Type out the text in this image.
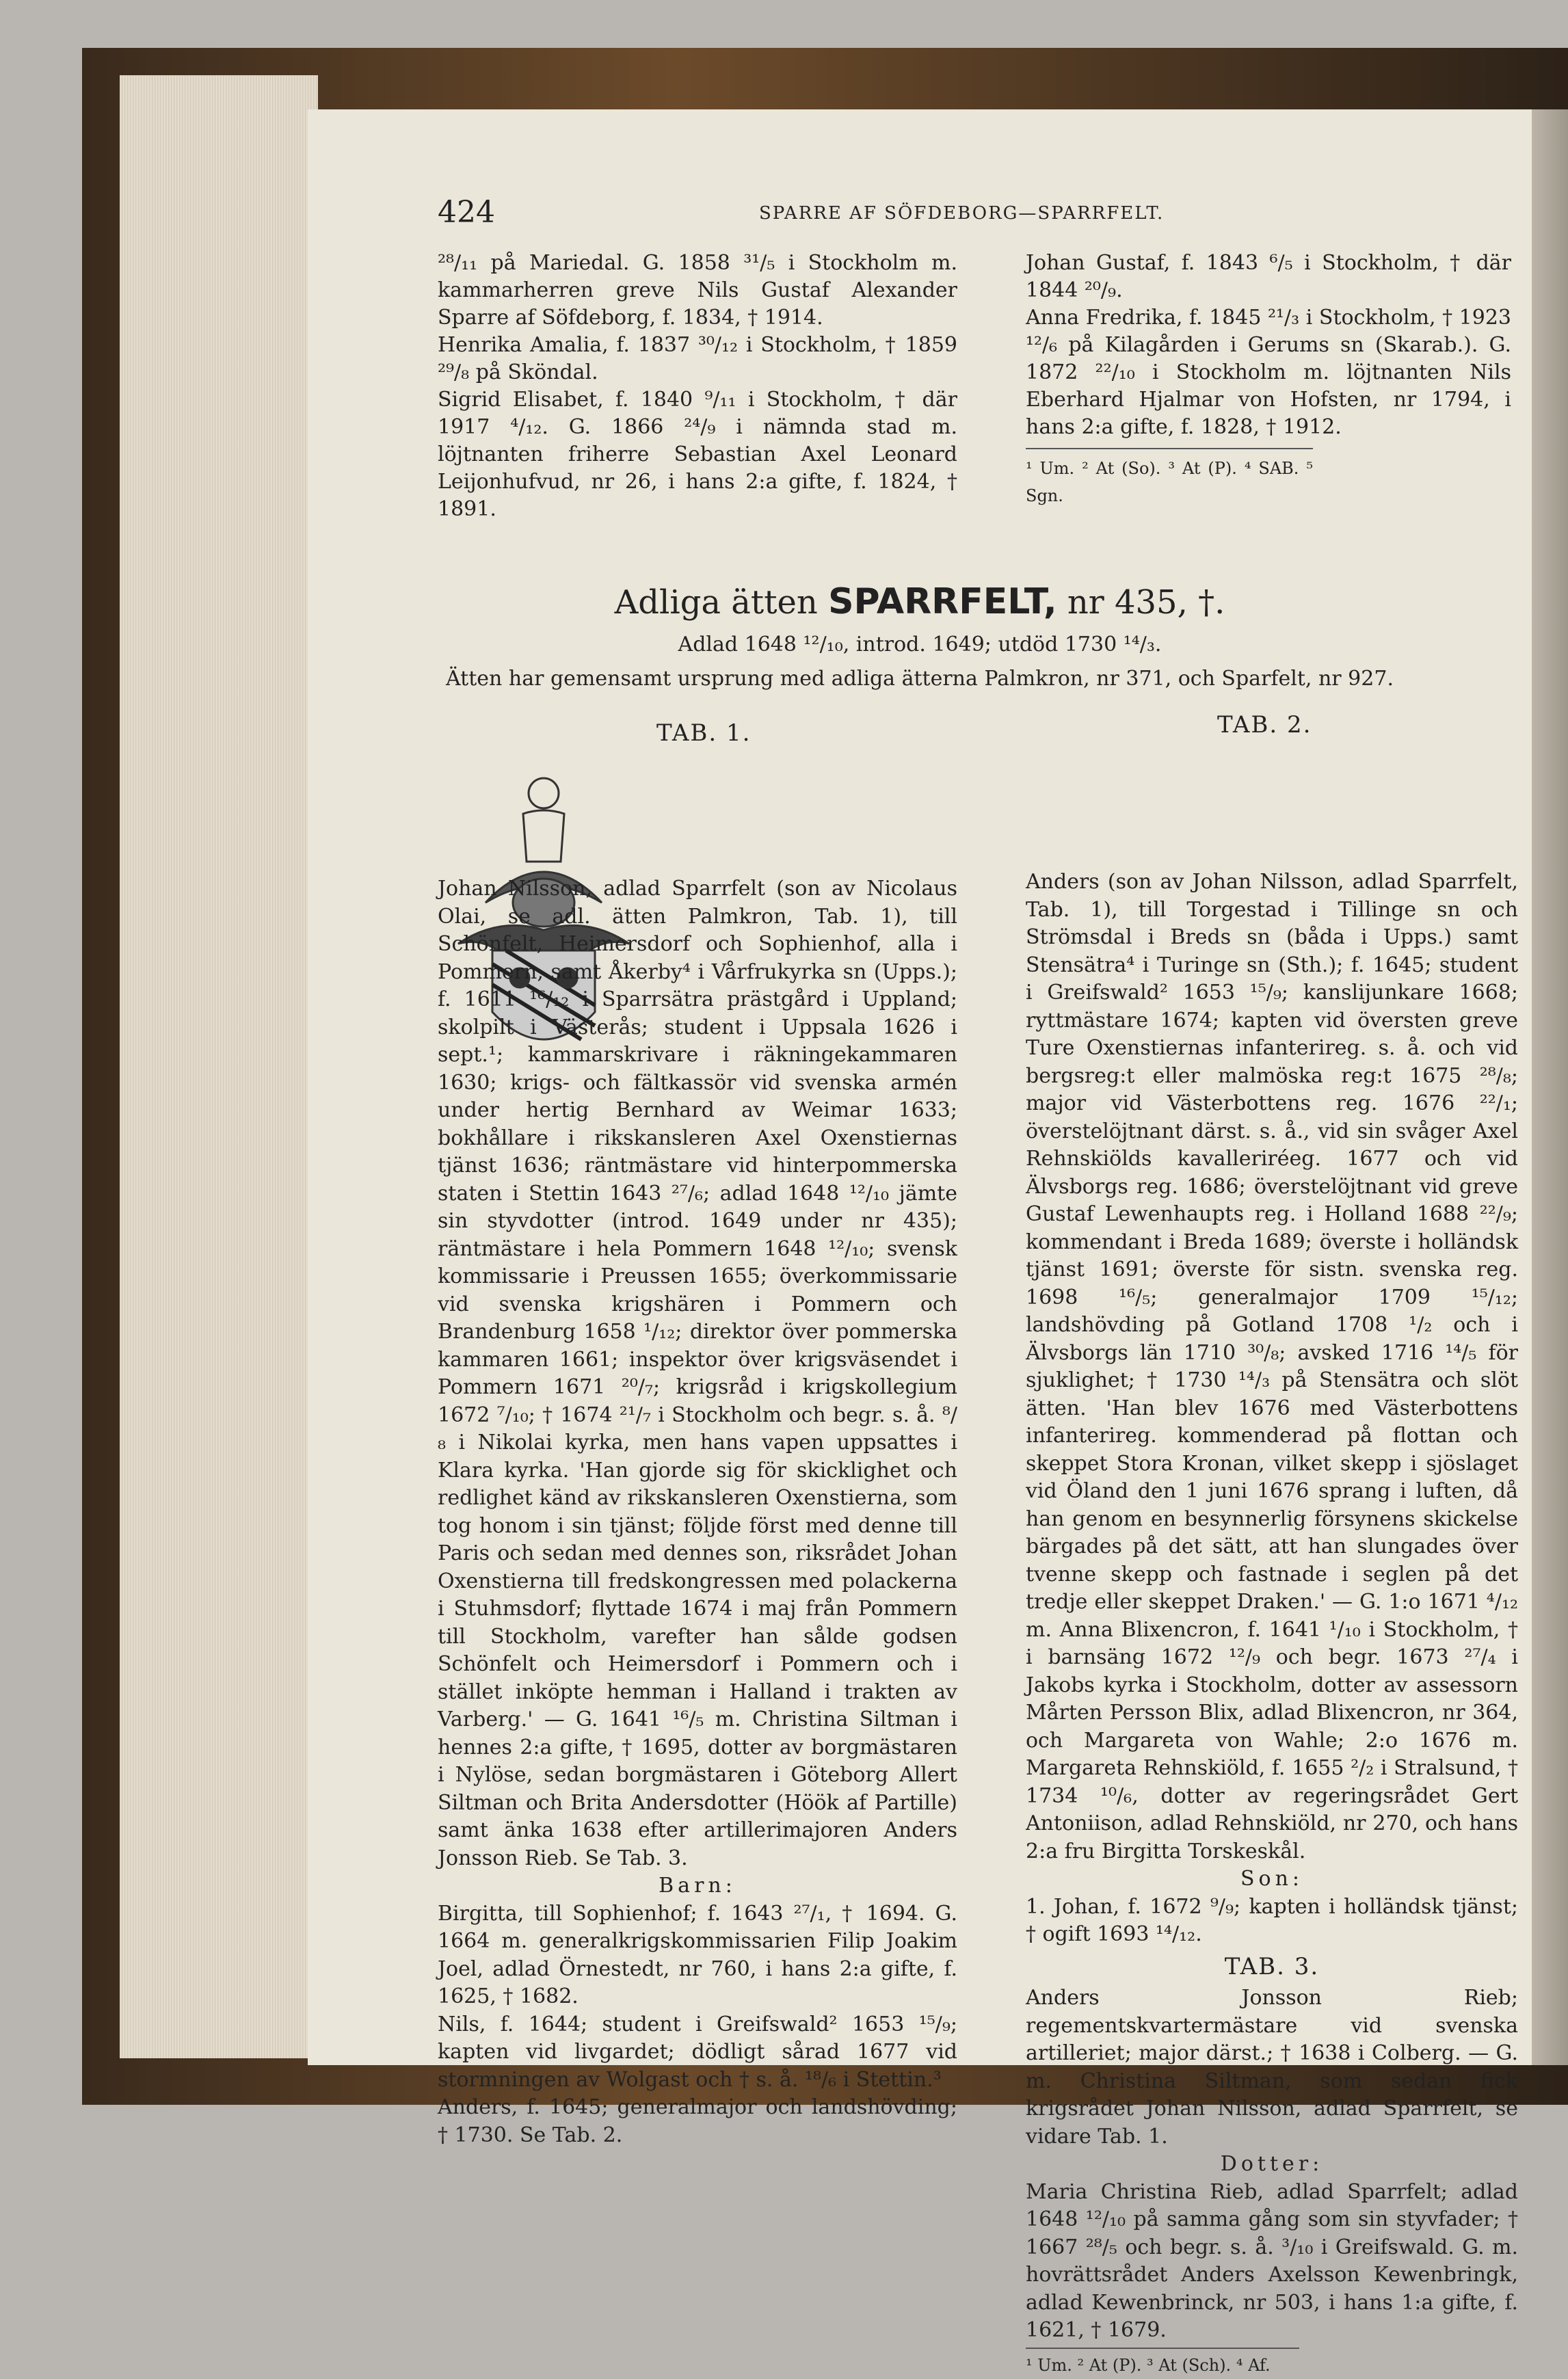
424	SPARRE AF SÖFDEBORG—SPARRFELT.

²⁸/₁₁ på Mariedal. G. 1858 ³¹/₅ i Stockholm m. kammarherren greve Nils Gustaf Alexander Sparre af Söfdeborg, f. 1834, † 1914.

Henrika Amalia, f. 1837 ³⁰/₁₂ i Stockholm, † 1859 ²⁹/₈ på Sköndal.

Sigrid Elisabet, f. 1840 ⁹/₁₁ i Stockholm, † där 1917 ⁴/₁₂. G. 1866 ²⁴/₉ i nämnda stad m. löjtnanten friherre Sebastian Axel Leonard Leijonhufvud, nr 26, i hans 2:a gifte, f. 1824, † 1891.

Johan Gustaf, f. 1843 ⁶/₅ i Stockholm, † där 1844 ²⁰/₉.

Anna Fredrika, f. 1845 ²¹/₃ i Stockholm, † 1923 ¹²/₆ på Kilagården i Gerums sn (Skarab.). G. 1872 ²²/₁₀ i Stockholm m. löjtnanten Nils Eberhard Hjalmar von Hofsten, nr 1794, i hans 2:a gifte, f. 1828, † 1912.

¹ Um. ² At (So). ³ At (P). ⁴ SAB. ⁵ Sgn.
Adliga ätten SPARRFELT, nr 435, †.
Adlad 1648 ¹²/₁₀, introd. 1649; utdöd 1730 ¹⁴/₃.
Ätten har gemensamt ursprung med adliga ätterna Palmkron, nr 371, och Sparfelt, nr 927.
TAB. 1.	TAB. 2.

Johan Nilsson, adlad Sparrfelt (son av Nicolaus Olai, se adl. ätten Palmkron, Tab. 1), till Schönfelt, Heimersdorf och Sophienhof, alla i Pommern, samt Åkerby⁴ i Vårfrukyrka sn (Upps.); f. 1611 ¹⁶/₁₂ i Sparrsätra prästgård i Uppland; skolpilt i Västerås; student i Uppsala 1626 i sept.¹; kammarskrivare i räkningekammaren 1630; krigs- och fältkassör vid svenska armén under hertig Bernhard av Weimar 1633; bokhållare i rikskansleren Axel Oxenstiernas tjänst 1636; räntmästare vid hinterpommerska staten i Stettin 1643 ²⁷/₆; adlad 1648 ¹²/₁₀ jämte sin styvdotter (introd. 1649 under nr 435); räntmästare i hela Pommern 1648 ¹²/₁₀; svensk kommissarie i Preussen 1655; överkommissarie vid svenska krigshären i Pommern och Brandenburg 1658 ¹/₁₂; direktor över pommerska kammaren 1661; inspektor över krigsväsendet i Pommern 1671 ²⁰/₇; krigsråd i krigskollegium 1672 ⁷/₁₀; † 1674 ²¹/₇ i Stockholm och begr. s. å. ⁸/₈ i Nikolai kyrka, men hans vapen uppsattes i Klara kyrka. 'Han gjorde sig för skicklighet och redlighet känd av rikskansleren Oxenstierna, som tog honom i sin tjänst; följde först med denne till Paris och sedan med dennes son, riksrådet Johan Oxenstierna till fredskongressen med polackerna i Stuhmsdorf; flyttade 1674 i maj från Pommern till Stockholm, varefter han sålde godsen Schönfelt och Heimersdorf i Pommern och i stället inköpte hemman i Halland i trakten av Varberg.' — G. 1641 ¹⁶/₅ m. Christina Siltman i hennes 2:a gifte, † 1695, dotter av borgmästaren i Nylöse, sedan borgmästaren i Göteborg Allert Siltman och Brita Andersdotter (Höök af Partille) samt änka 1638 efter artillerimajoren Anders Jonsson Rieb. Se Tab. 3.

Barn:

Birgitta, till Sophienhof; f. 1643 ²⁷/₁, † 1694. G. 1664 m. generalkrigskommissarien Filip Joakim Joel, adlad Örnestedt, nr 760, i hans 2:a gifte, f. 1625, † 1682.

Nils, f. 1644; student i Greifswald² 1653 ¹⁵/₉; kapten vid livgardet; dödligt sårad 1677 vid stormningen av Wolgast och † s. å. ¹⁸/₆ i Stettin.³

Anders, f. 1645; generalmajor och landshövding; † 1730. Se Tab. 2.

Anders (son av Johan Nilsson, adlad Sparrfelt, Tab. 1), till Torgestad i Tillinge sn och Strömsdal i Breds sn (båda i Upps.) samt Stensätra⁴ i Turinge sn (Sth.); f. 1645; student i Greifswald² 1653 ¹⁵/₉; kanslijunkare 1668; ryttmästare 1674; kapten vid översten greve Ture Oxenstiernas infanterireg. s. å. och vid bergsreg:t eller malmöska reg:t 1675 ²⁸/₈; major vid Västerbottens reg. 1676 ²²/₁; överstelöjtnant därst. s. å., vid sin svåger Axel Rehnskiölds kavalleriréeg. 1677 och vid Älvsborgs reg. 1686; överstelöjtnant vid greve Gustaf Lewenhaupts reg. i Holland 1688 ²²/₉; kommendant i Breda 1689; överste i holländsk tjänst 1691; överste för sistn. svenska reg. 1698 ¹⁶/₅; generalmajor 1709 ¹⁵/₁₂; landshövding på Gotland 1708 ¹/₂ och i Älvsborgs län 1710 ³⁰/₈; avsked 1716 ¹⁴/₅ för sjuklighet; † 1730 ¹⁴/₃ på Stensätra och slöt ätten. 'Han blev 1676 med Västerbottens infanterireg. kommenderad på flottan och skeppet Stora Kronan, vilket skepp i sjöslaget vid Öland den 1 juni 1676 sprang i luften, då han genom en besynnerlig försynens skickelse bärgades på det sätt, att han slungades över tvenne skepp och fastnade i seglen på det tredje eller skeppet Draken.' — G. 1:o 1671 ⁴/₁₂ m. Anna Blixencron, f. 1641 ¹/₁₀ i Stockholm, † i barnsäng 1672 ¹²/₉ och begr. 1673 ²⁷/₄ i Jakobs kyrka i Stockholm, dotter av assessorn Mårten Persson Blix, adlad Blixencron, nr 364, och Margareta von Wahle; 2:o 1676 m. Margareta Rehnskiöld, f. 1655 ²/₂ i Stralsund, † 1734 ¹⁰/₆, dotter av regeringsrådet Gert Antoniison, adlad Rehnskiöld, nr 270, och hans 2:a fru Birgitta Torskeskål.

Son:

1. Johan, f. 1672 ⁹/₉; kapten i holländsk tjänst; † ogift 1693 ¹⁴/₁₂.

TAB. 3.

Anders Jonsson Rieb; regementskvartermästare vid svenska artilleriet; major därst.; † 1638 i Colberg. — G. m. Christina Siltman, som sedan fick krigsrådet Johan Nilsson, adlad Sparrfelt, se vidare Tab. 1.

Dotter:

Maria Christina Rieb, adlad Sparrfelt; adlad 1648 ¹²/₁₀ på samma gång som sin styvfader; † 1667 ²⁸/₅ och begr. s. å. ³/₁₀ i Greifswald. G. m. hovrättsrådet Anders Axelsson Kewenbringk, adlad Kewenbrinck, nr 503, i hans 1:a gifte, f. 1621, † 1679.

¹ Um. ² At (P). ³ At (Sch). ⁴ Af.
